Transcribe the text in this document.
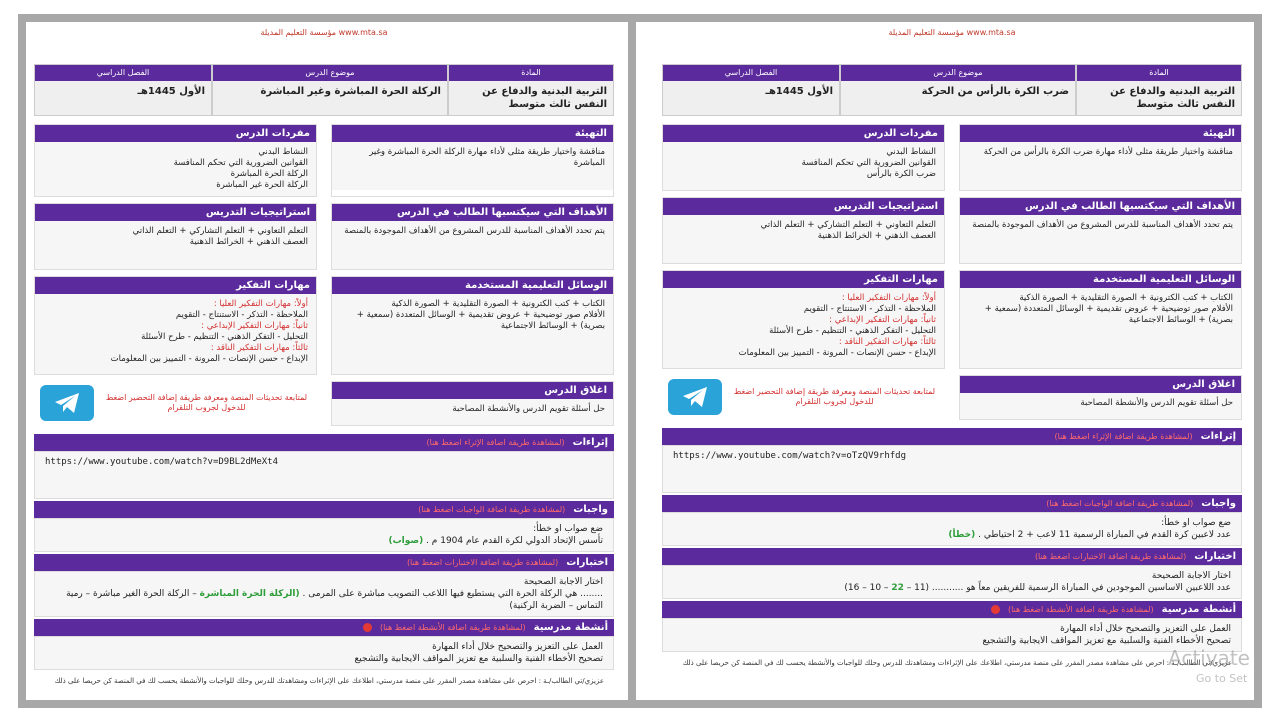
www.mta.sa مؤسسة التعليم المديلة
المادة
التربية البدنية والدفاع عن النفس ثالث متوسط
موضوع الدرس
الركلة الحرة المباشرة وغير المباشرة
الفصل الدراسي
الأول 1445هـ
التهيئة
مناقشة واختيار طريقة مثلى لأداء مهارة الركلة الحرة المباشرة وغير المباشرة
مفردات الدرس
النشاط البدني
القوانين الضرورية التي تحكم المنافسة
الركلة الحرة المباشرة
الركلة الحرة غير المباشرة
الأهداف التي سيكتسبها الطالب في الدرس
يتم تحدد الأهداف المناسبة للدرس المشروع من الأهداف الموجودة بالمنصة
استراتيجيات التدريس
التعلم التعاوني + التعلم التشاركي + التعلم الذاتي
العصف الذهني + الخرائط الذهنية
الوسائل التعليمية المستخدمة
الكتاب + كتب الكترونية + الصورة التقليدية + الصورة الذكية
الأفلام صور توضيحية + عروض تقديمية + الوسائل المتعددة (سمعية + بصرية) + الوسائط الاجتماعية
مهارات التفكير
أولاً: مهارات التفكير العليا :
الملاحظة - التذكر - الاستنتاج - التقويم
ثانياً: مهارات التفكير الإبداعي :
التحليل - التفكر الذهني - التنظيم - طرح الأسئلة
ثالثاً: مهارات التفكير الناقد :
الإبداع - حسن الإنصات - المرونة - التمييز بين المعلومات
اغلاق الدرس
حل أسئلة تقويم الدرس والأنشطة المصاحبة
لمتابعة تحديثات المنصة ومعرفة طريقة إضافة التحضير اضغط للدخول لجروب التلقرام
إثراءات
(لمشاهدة طريقة اضافة الإثراء اضغط هنا)
https://www.youtube.com/watch?v=D9BL2dMeXt4
واجبات
(لمشاهدة طريقة اضافة الواجبات اضغط هنا)
ضع صواب او خطأ:
تأسس الإتحاد الدولي لكرة القدم عام 1904 م . (صواب)
اختبارات
(لمشاهدة طريقة اضافة الاختبارات اضغط هنا)
اختار الاجابة الصحيحة
........ هي الركلة الحرة التي يستطيع فيها اللاعب التصويب مباشرة على المرمى . (الركلة الحرة المباشرة – الركلة الحرة الغير مباشرة – رمية التماس – الضربة الركنية)
أنشطة مدرسية
(لمشاهدة طريقة اضافة الأنشطة اضغط هنا)
العمل على التعزيز والتصحيح خلال أداء المهارة
تصحيح الأخطاء الفنية والسلبية مع تعزيز المواقف الايجابية والتشجيع
عزيزي/تي الطالب/ـة : احرص على مشاهدة مصدر المقرر على منصة مدرستي، اطلاعك على الإثراءات ومشاهدتك للدرس وحلك للواجبات والأنشطة يحسب لك في المنصة كن حريصا على ذلك
www.mta.sa مؤسسة التعليم المديلة
المادة
التربية البدنية والدفاع عن النفس ثالث متوسط
موضوع الدرس
ضرب الكرة بالرأس من الحركة
الفصل الدراسي
الأول 1445هـ
التهيئة
مناقشة واختيار طريقة مثلى لأداء مهارة ضرب الكرة بالرأس من الحركة
مفردات الدرس
النشاط البدني
القوانين الضرورية التي تحكم المنافسة
ضرب الكرة بالرأس
الأهداف التي سيكتسبها الطالب في الدرس
يتم تحدد الأهداف المناسبة للدرس المشروع من الأهداف الموجودة بالمنصة
استراتيجيات التدريس
التعلم التعاوني + التعلم التشاركي + التعلم الذاتي
العصف الذهني + الخرائط الذهنية
الوسائل التعليمية المستخدمة
الكتاب + كتب الكترونية + الصورة التقليدية + الصورة الذكية
الأفلام صور توضيحية + عروض تقديمية + الوسائل المتعددة (سمعية + بصرية) + الوسائط الاجتماعية
مهارات التفكير
أولاً: مهارات التفكير العليا :
الملاحظة - التذكر - الاستنتاج - التقويم
ثانياً: مهارات التفكير الإبداعي :
التحليل - التفكر الذهني - التنظيم - طرح الأسئلة
ثالثاً: مهارات التفكير الناقد :
الإبداع - حسن الإنصات - المرونة - التمييز بين المعلومات
اغلاق الدرس
حل أسئلة تقويم الدرس والأنشطة المصاحبة
لمتابعة تحديثات المنصة ومعرفة طريقة إضافة التحضير اضغط للدخول لجروب التلقرام
إثراءات
(لمشاهدة طريقة اضافة الإثراء اضغط هنا)
https://www.youtube.com/watch?v=oTzQV9rhfdg
واجبات
(لمشاهدة طريقة اضافة الواجبات اضغط هنا)
ضع صواب او خطأ:
عدد لاعبين كرة القدم في المباراة الرسمية 11 لاعب + 2 احتياطي . (خطأ)
اختبارات
(لمشاهدة طريقة اضافة الاختبارات اضغط هنا)
اختار الاجابة الصحيحة
عدد اللاعبين الاساسين الموجودين في المباراة الرسمية للفريقين معاً هو ........... (11 – 22 – 10 – 16)
أنشطة مدرسية
(لمشاهدة طريقة اضافة الأنشطة اضغط هنا)
العمل على التعزيز والتصحيح خلال أداء المهارة
تصحيح الأخطاء الفنية والسلبية مع تعزيز المواقف الايجابية والتشجيع
عزيزي/تي الطالب/ـة : احرص على مشاهدة مصدر المقرر على منصة مدرستي، اطلاعك على الإثراءات ومشاهدتك للدرس وحلك للواجبات والأنشطة يحسب لك في المنصة كن حريصا على ذلك
Activate
Go to Set
